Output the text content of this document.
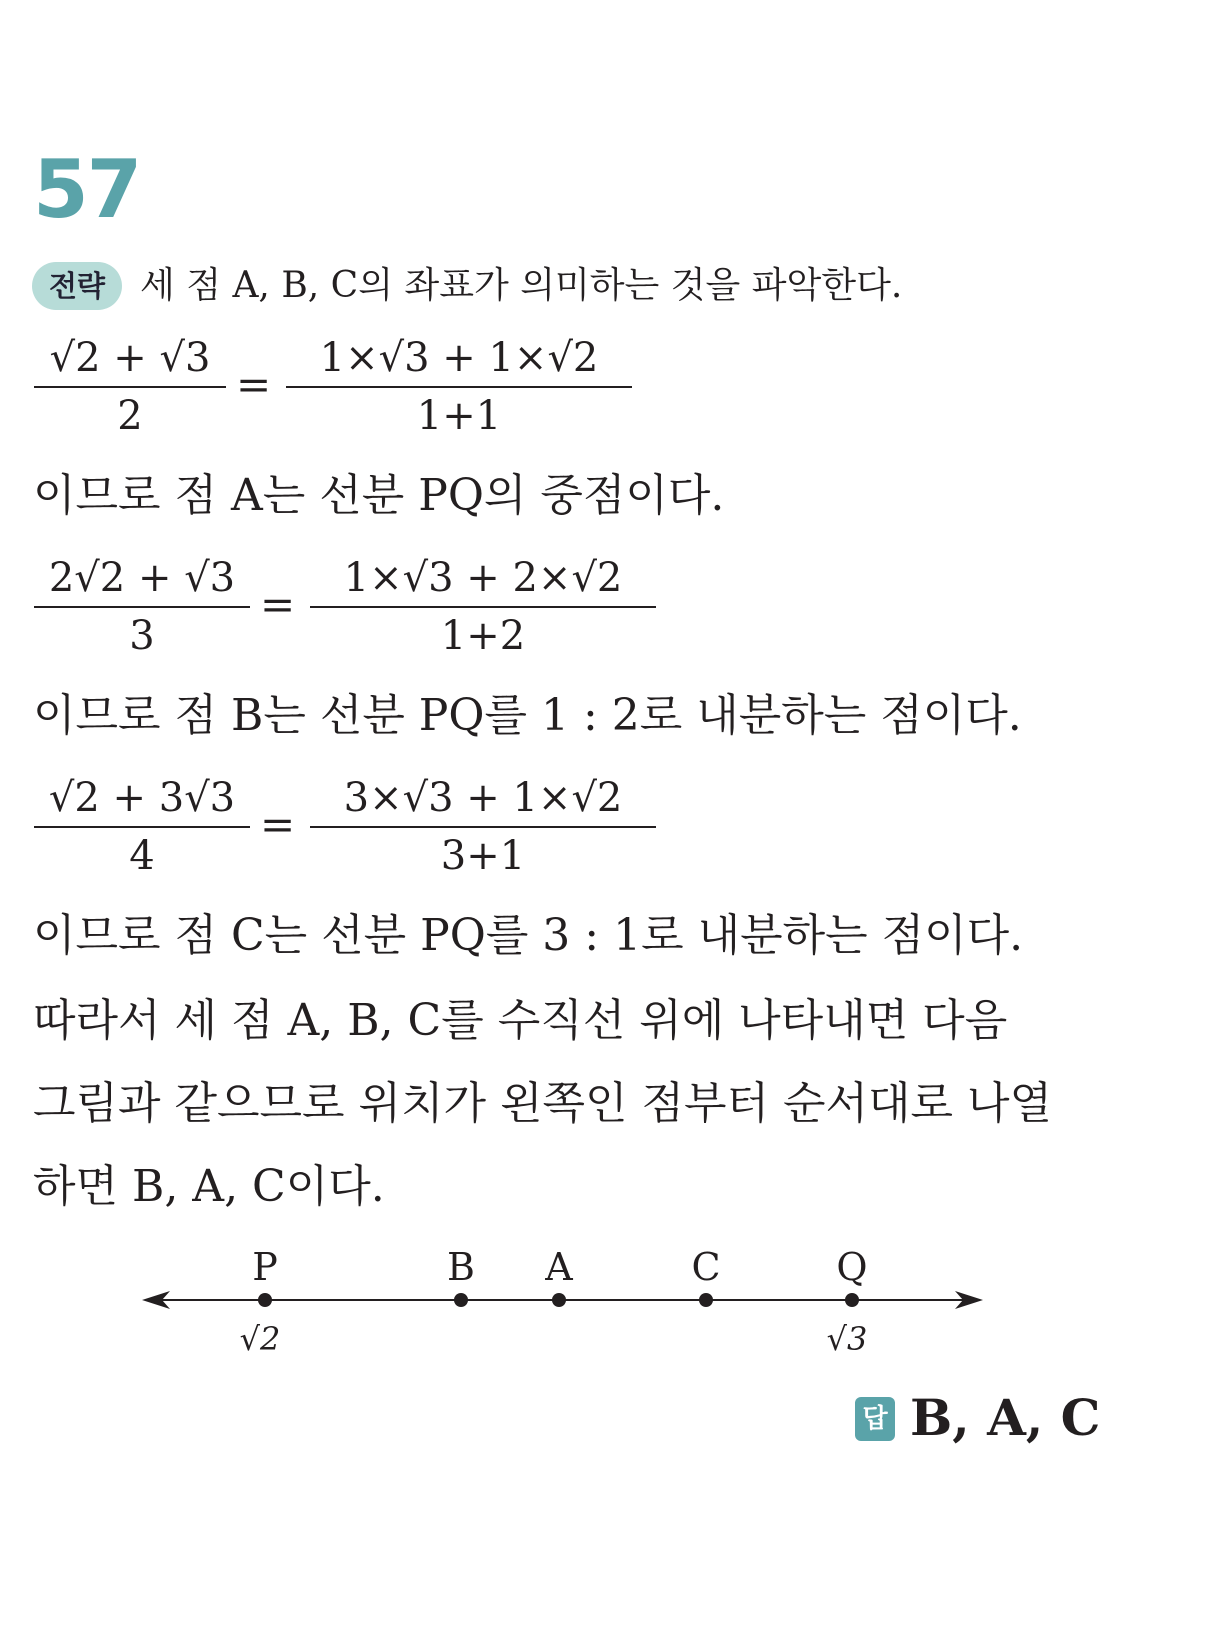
57
전략 세 점 A, B, C의 좌표가 의미하는 것을 파악한다.
$\frac{√2 + √3}{2} = \frac{1\times√3 + 1\times√2}{1+1}$
이므로 점 A는 선분 PQ의 중점이다.
$\frac{2√2 + √3}{3} = \frac{1\times√3 + 2\times√2}{1+2}$
이므로 점 B는 선분 PQ를 1 : 2로 내분하는 점이다.
$\frac{√2 + 3√3}{4} = \frac{3\times√3 + 1\times√2}{3+1}$
이므로 점 C는 선분 PQ를 3 : 1로 내분하는 점이다.
따라서 세 점 A, B, C를 수직선 위에 나타내면 다음
그림과 같으므로 위치가 왼쪽인 점부터 순서대로 나열
하면 B, A, C이다.
P
√2
B A	C	Q
√3
답 B, A, C
